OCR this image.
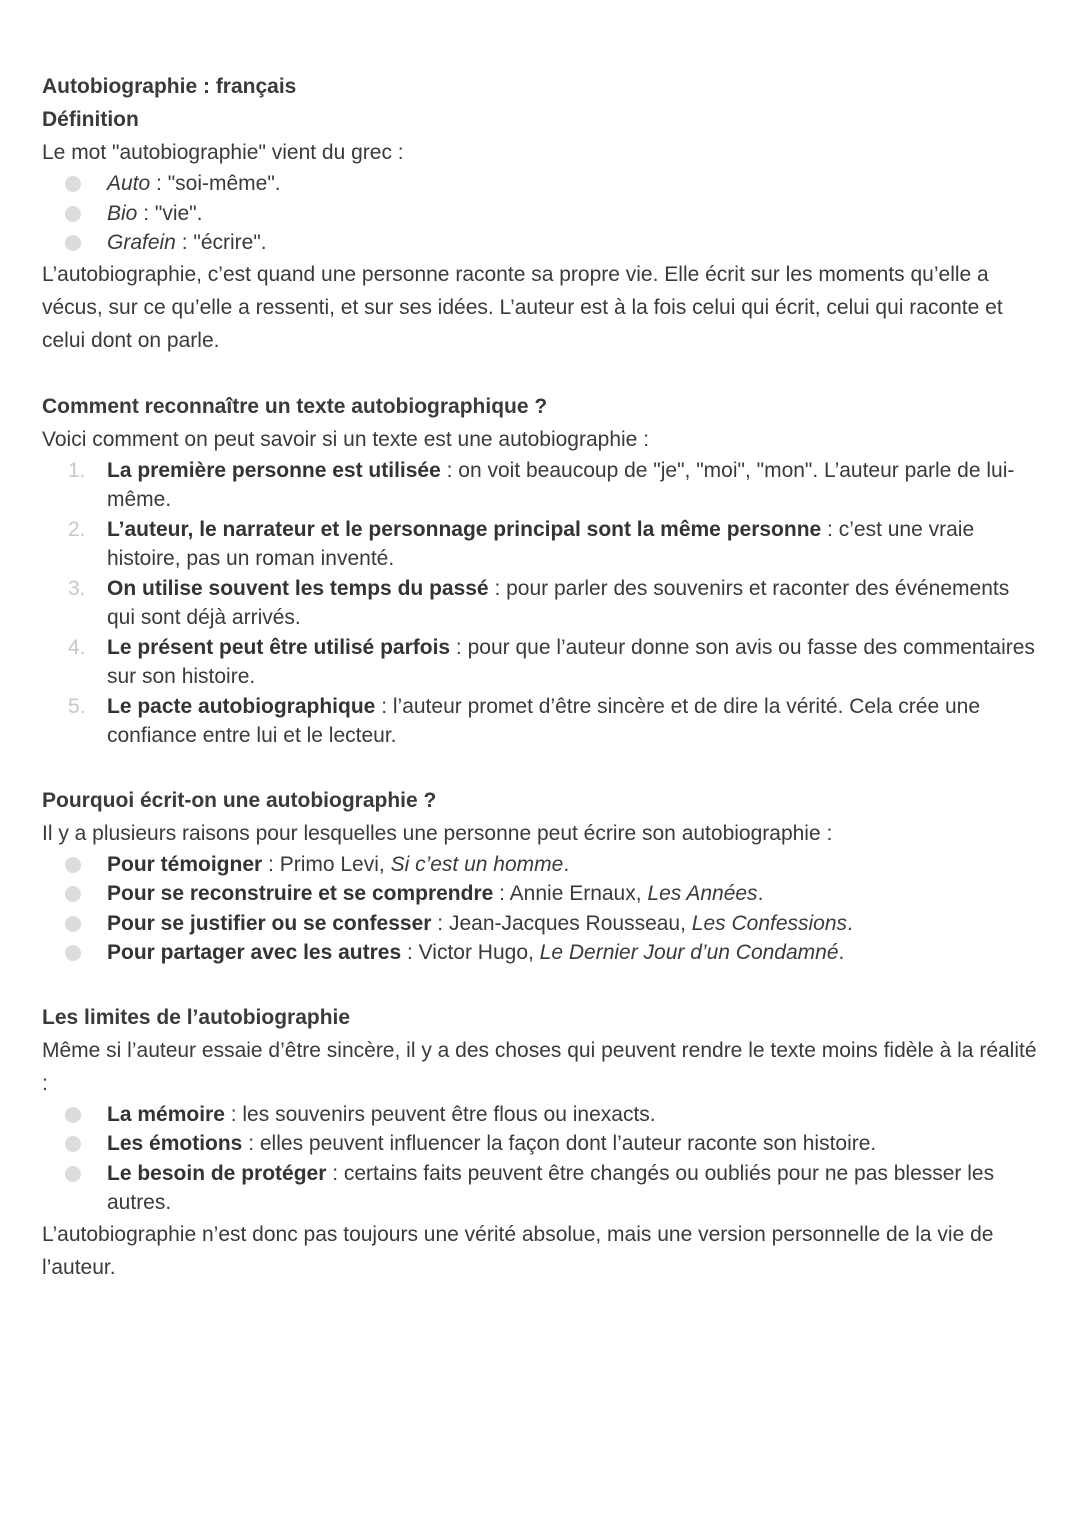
Autobiographie : français
Définition

Le mot "autobiographie" vient du grec :

Auto : "soi-même".
Bio : "vie".
Grafein : "écrire".

L’autobiographie, c’est quand une personne raconte sa propre vie. Elle écrit sur les moments qu’elle a vécus, sur ce qu’elle a ressenti, et sur ses idées. L’auteur est à la fois celui qui écrit, celui qui raconte et celui dont on parle.

Comment reconnaître un texte autobiographique ?

Voici comment on peut savoir si un texte est une autobiographie :

1. La première personne est utilisée : on voit beaucoup de "je", "moi", "mon". L’auteur parle de lui-même.
2. L’auteur, le narrateur et le personnage principal sont la même personne : c’est une vraie histoire, pas un roman inventé.
3. On utilise souvent les temps du passé : pour parler des souvenirs et raconter des événements qui sont déjà arrivés.
4. Le présent peut être utilisé parfois : pour que l’auteur donne son avis ou fasse des commentaires sur son histoire.
5. Le pacte autobiographique : l’auteur promet d’être sincère et de dire la vérité. Cela crée une confiance entre lui et le lecteur.
Pourquoi écrit-on une autobiographie ?

Il y a plusieurs raisons pour lesquelles une personne peut écrire son autobiographie :

Pour témoigner : Primo Levi, Si c’est un homme.
Pour se reconstruire et se comprendre : Annie Ernaux, Les Années.
Pour se justifier ou se confesser : Jean-Jacques Rousseau, Les Confessions.
Pour partager avec les autres : Victor Hugo, Le Dernier Jour d’un Condamné.
Les limites de l’autobiographie

Même si l’auteur essaie d’être sincère, il y a des choses qui peuvent rendre le texte moins fidèle à la réalité :

La mémoire : les souvenirs peuvent être flous ou inexacts.
Les émotions : elles peuvent influencer la façon dont l’auteur raconte son histoire.
Le besoin de protéger : certains faits peuvent être changés ou oubliés pour ne pas blesser les autres.

L’autobiographie n’est donc pas toujours une vérité absolue, mais une version personnelle de la vie de l’auteur.
